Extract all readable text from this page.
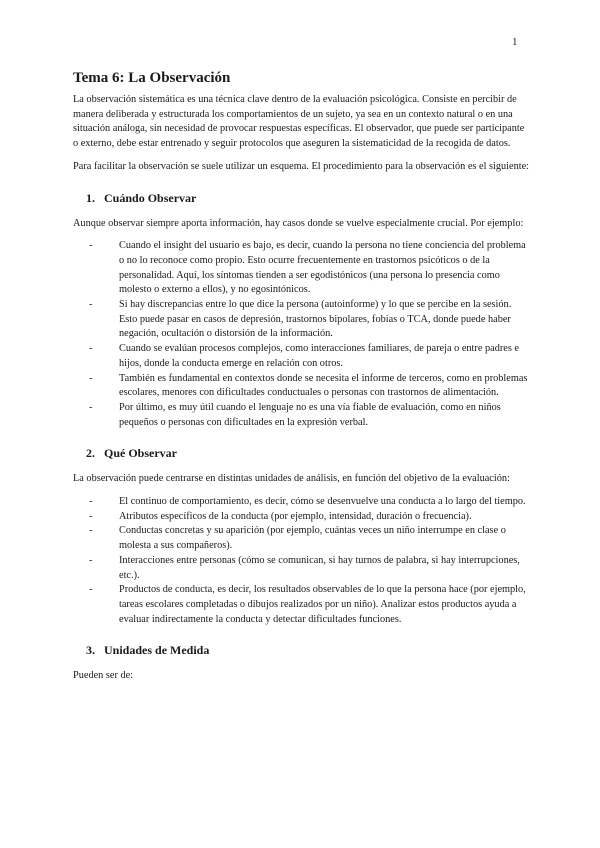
1
Tema 6: La Observación

La observación sistemática es una técnica clave dentro de la evaluación psicológica. Consiste en percibir de manera deliberada y estructurada los comportamientos de un sujeto, ya sea en un contexto natural o en una situación análoga, sin necesidad de provocar respuestas específicas. El observador, que puede ser participante o externo, debe estar entrenado y seguir protocolos que aseguren la sistematicidad de la recogida de datos.

Para facilitar la observación se suele utilizar un esquema. El procedimiento para la observación es el siguiente:

1. Cuándo Observar

Aunque observar siempre aporta información, hay casos donde se vuelve especialmente crucial. Por ejemplo:

-	Cuando el insight del usuario es bajo, es decir, cuando la persona no tiene conciencia del problema o no lo reconoce como propio. Esto ocurre frecuentemente en trastornos psicóticos o de la personalidad. Aquí, los síntomas tienden a ser egodistónicos (una persona lo presencia como molesto o externo a ellos), y no egosintónicos.
-	Si hay discrepancias entre lo que dice la persona (autoinforme) y lo que se percibe en la sesión. Esto puede pasar en casos de depresión, trastornos bipolares, fobias o TCA, donde puede haber negación, ocultación o distorsión de la información.
-	Cuando se evalúan procesos complejos, como interacciones familiares, de pareja o entre padres e hijos, donde la conducta emerge en relación con otros.
-	También es fundamental en contextos donde se necesita el informe de terceros, como en problemas escolares, menores con dificultades conductuales o personas con trastornos de alimentación.
-	Por último, es muy útil cuando el lenguaje no es una vía fiable de evaluación, como en niños pequeños o personas con dificultades en la expresión verbal.
2. Qué Observar

La observación puede centrarse en distintas unidades de análisis, en función del objetivo de la evaluación:

-	El continuo de comportamiento, es decir, cómo se desenvuelve una conducta a lo largo del tiempo.
-	Atributos específicos de la conducta (por ejemplo, intensidad, duración o frecuencia).
-	Conductas concretas y su aparición (por ejemplo, cuántas veces un niño interrumpe en clase o molesta a sus compañeros).
-	Interacciones entre personas (cómo se comunican, si hay turnos de palabra, si hay interrupciones, etc.).
-	Productos de conducta, es decir, los resultados observables de lo que la persona hace (por ejemplo, tareas escolares completadas o dibujos realizados por un niño). Analizar estos productos ayuda a evaluar indirectamente la conducta y detectar dificultades funciones.
3. Unidades de Medida

Pueden ser de:
